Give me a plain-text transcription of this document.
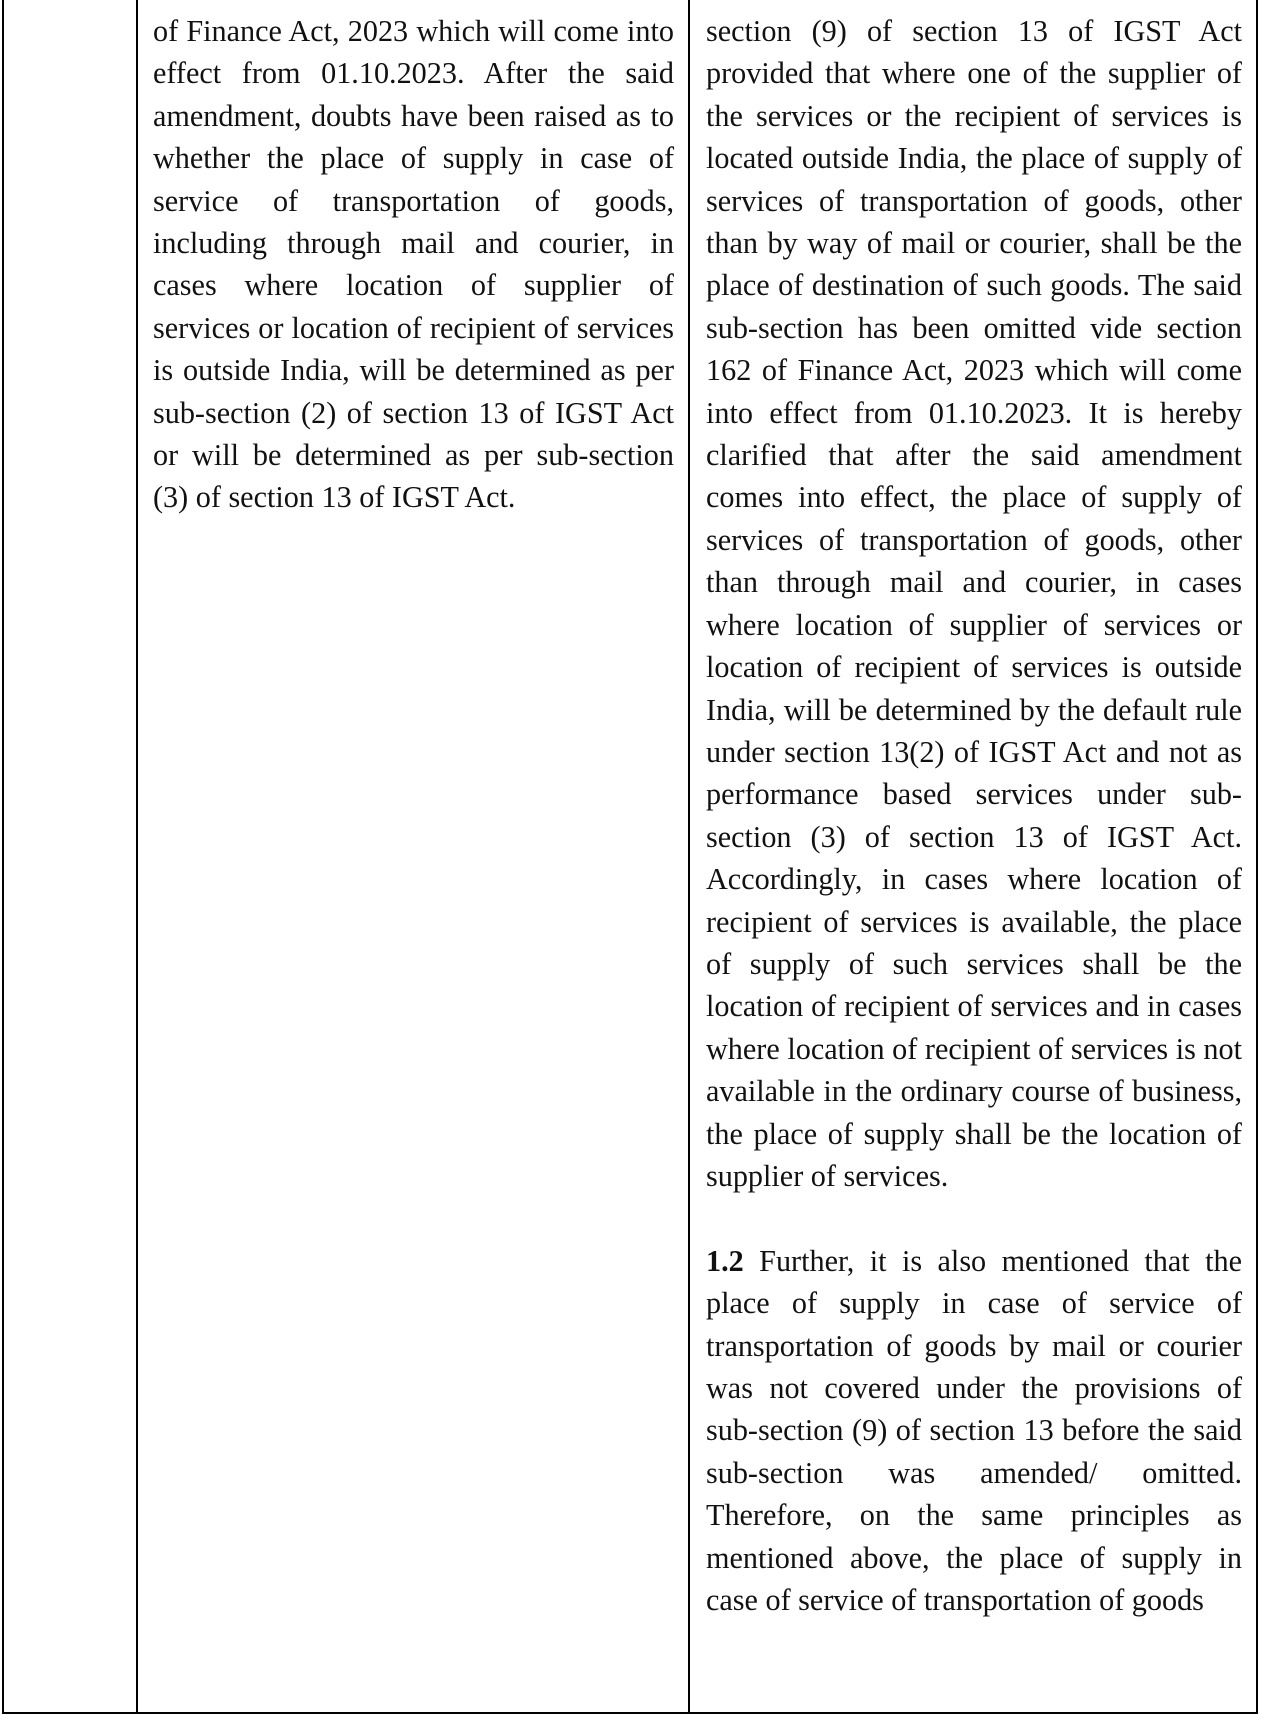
of Finance Act, 2023 which will come into effect from 01.10.2023. After the said amendment, doubts have been raised as to whether the place of supply in case of service of transportation of goods, including through mail and courier, in cases where location of supplier of services or location of recipient of services is outside India, will be determined as per sub-section (2) of section 13 of IGST Act or will be determined as per sub-section (3) of section 13 of IGST Act.

section (9) of section 13 of IGST Act provided that where one of the supplier of the services or the recipient of services is located outside India, the place of supply of services of transportation of goods, other than by way of mail or courier, shall be the place of destination of such goods. The said sub-section has been omitted vide section 162 of Finance Act, 2023 which will come into effect from 01.10.2023. It is hereby clarified that after the said amendment comes into effect, the place of supply of services of transportation of goods, other than through mail and courier, in cases where location of supplier of services or location of recipient of services is outside India, will be determined by the default rule under section 13(2) of IGST Act and not as performance based services under sub-section (3) of section 13 of IGST Act. Accordingly, in cases where location of recipient of services is available, the place of supply of such services shall be the location of recipient of services and in cases where location of recipient of services is not available in the ordinary course of business, the place of supply shall be the location of supplier of services.

1.2 Further, it is also mentioned that the place of supply in case of service of transportation of goods by mail or courier was not covered under the provisions of sub-section (9) of section 13 before the said sub-section was amended/ omitted. Therefore, on the same principles as mentioned above, the place of supply in case of service of transportation of goods
